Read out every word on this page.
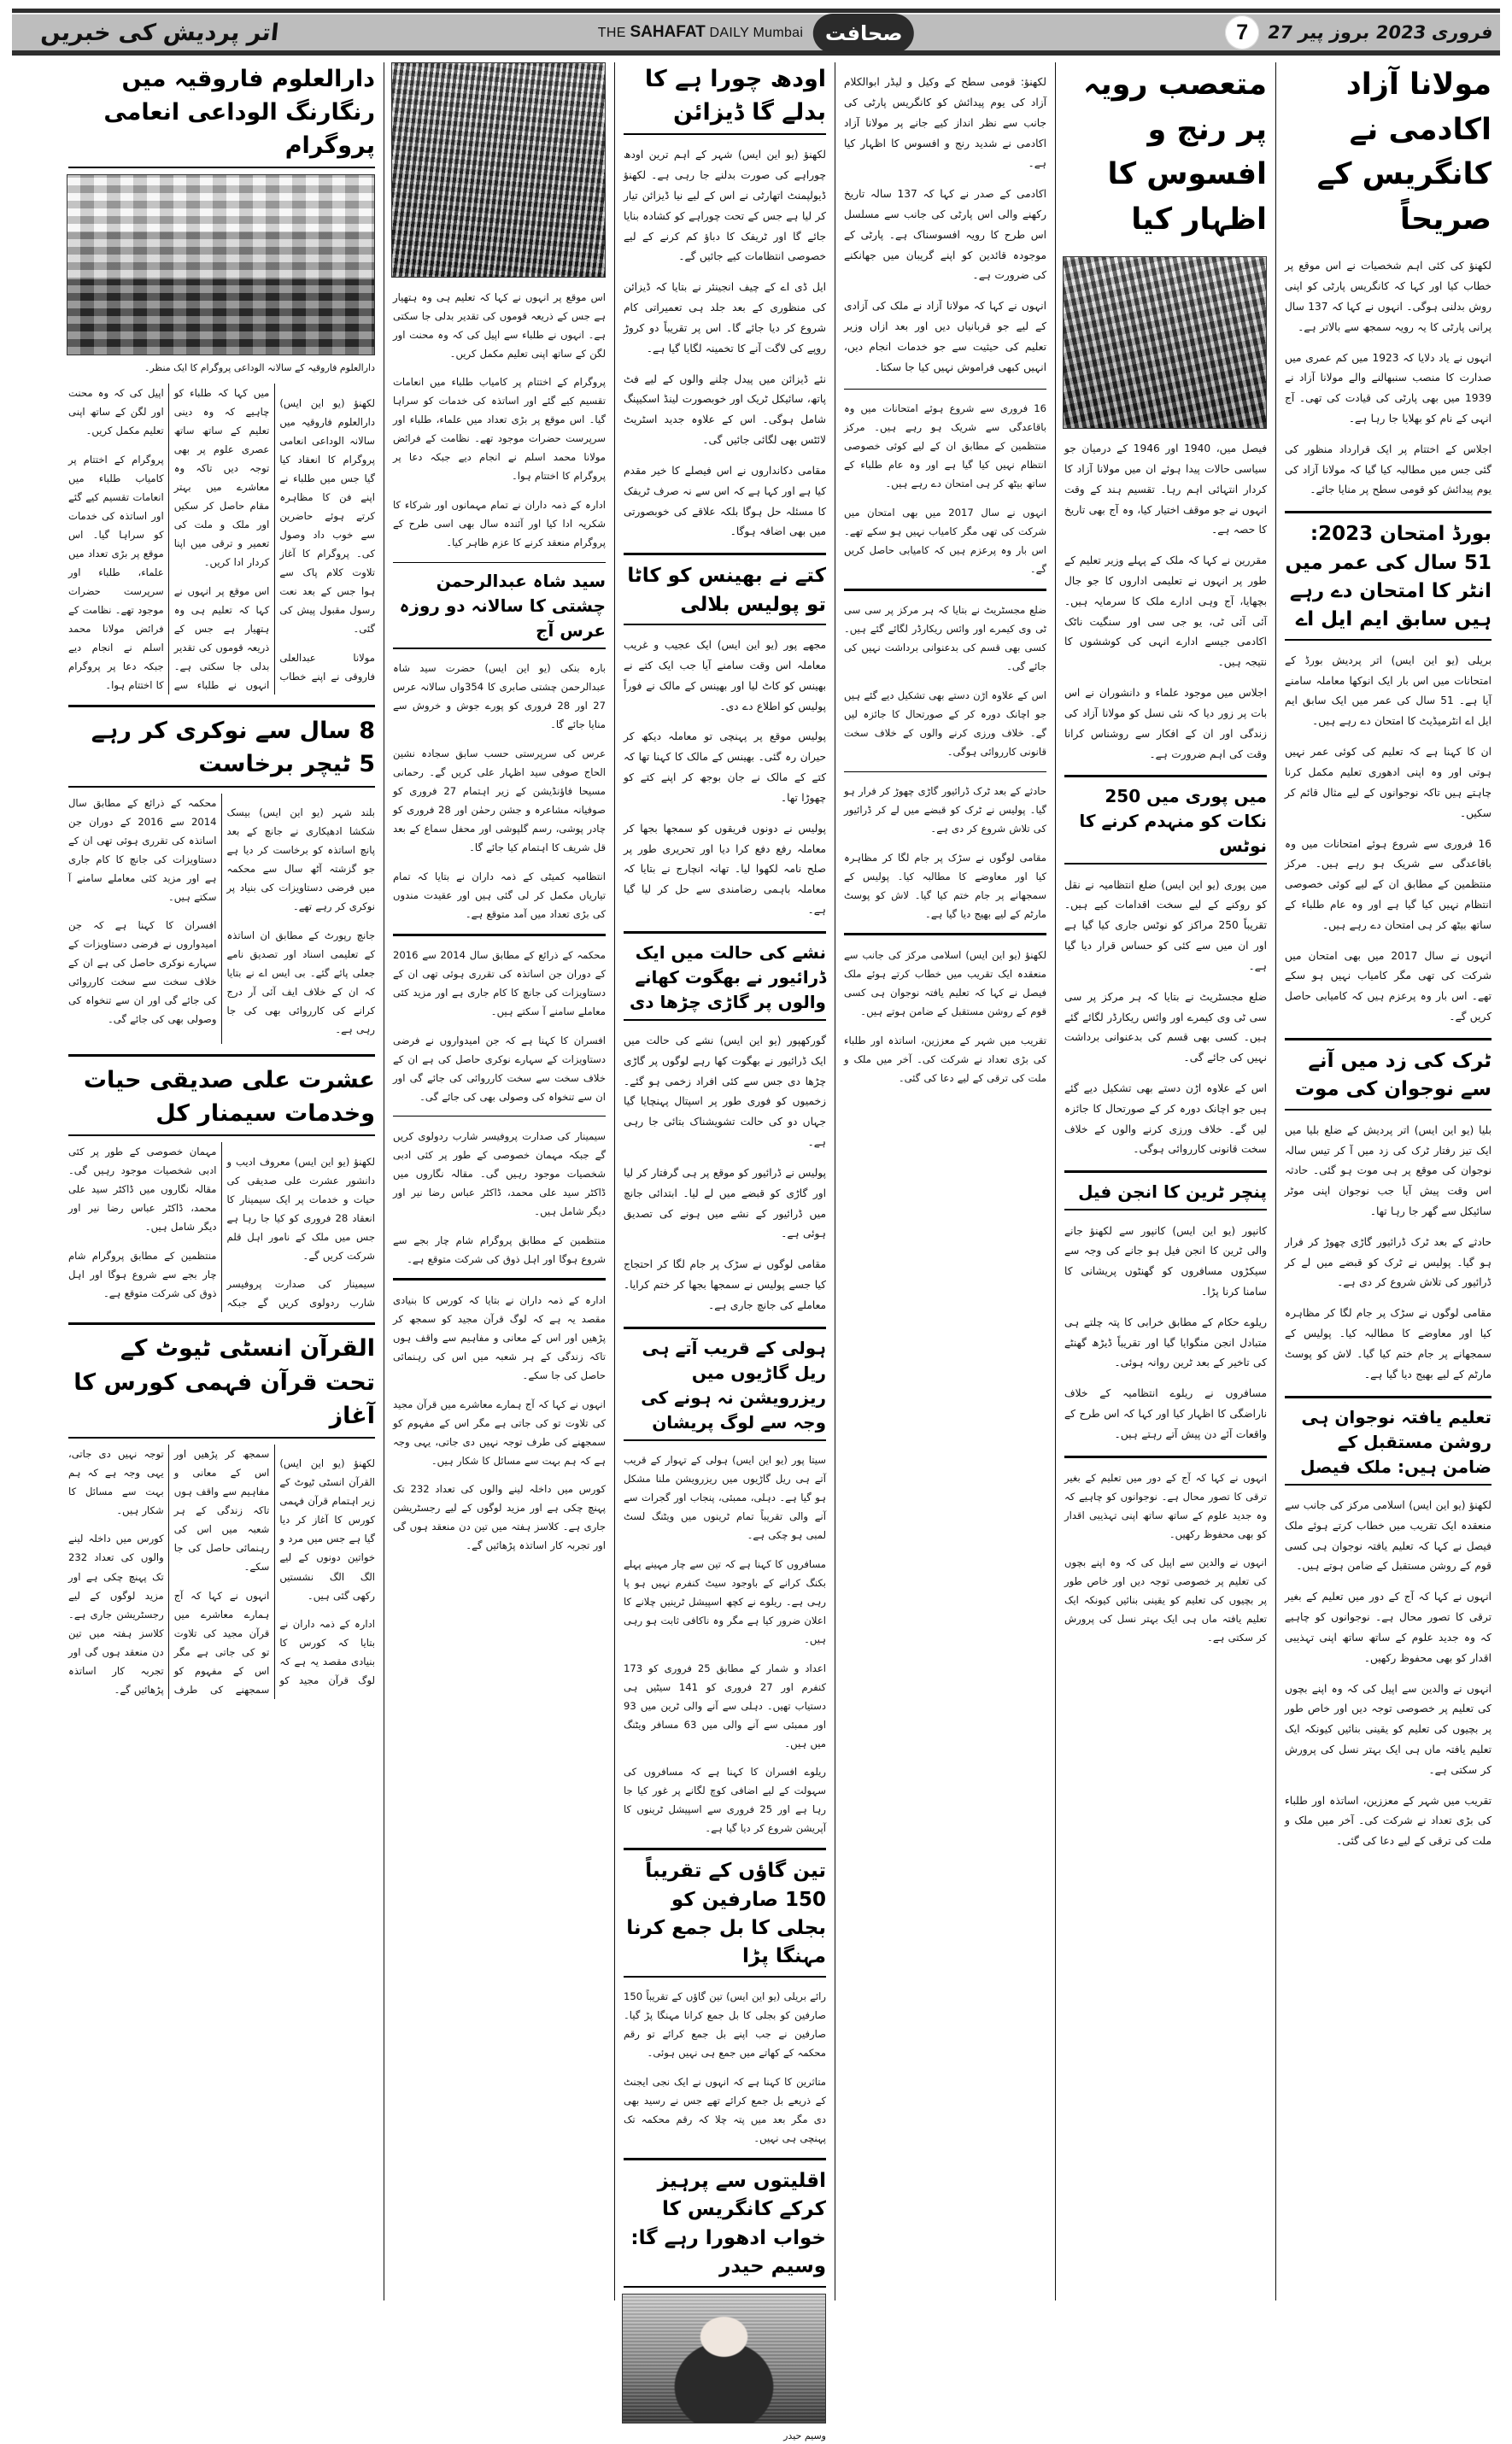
7	27 فروری 2023 بروز پیر
صحافت
THE SAHAFAT DAILY Mumbai
اتر پردیش کی خبریں
مولانا آزاد اکادمی نے کانگریس کے صریحاً

لکھنؤ کی کئی اہم شخصیات نے اس موقع پر خطاب کیا اور کہا کہ کانگریس پارٹی کو اپنی روش بدلنی ہوگی۔ انہوں نے کہا کہ 137 سال پرانی پارٹی کا یہ رویہ سمجھ سے بالاتر ہے۔

انہوں نے یاد دلایا کہ 1923 میں کم عمری میں صدارت کا منصب سنبھالنے والے مولانا آزاد نے 1939 میں بھی پارٹی کی قیادت کی تھی۔ آج انہی کے نام کو بھلایا جا رہا ہے۔

اجلاس کے اختتام پر ایک قرارداد منظور کی گئی جس میں مطالبہ کیا گیا کہ مولانا آزاد کی یوم پیدائش کو قومی سطح پر منایا جائے۔

بورڈ امتحان 2023: 51 سال کی عمر میں انٹر کا امتحان دے رہے ہیں سابق ایم ایل اے

بریلی (یو این ایس) اتر پردیش بورڈ کے امتحانات میں اس بار ایک انوکھا معاملہ سامنے آیا ہے۔ 51 سال کی عمر میں ایک سابق ایم ایل اے انٹرمیڈیٹ کا امتحان دے رہے ہیں۔

ان کا کہنا ہے کہ تعلیم کی کوئی عمر نہیں ہوتی اور وہ اپنی ادھوری تعلیم مکمل کرنا چاہتے ہیں تاکہ نوجوانوں کے لیے مثال قائم کر سکیں۔

16 فروری سے شروع ہوئے امتحانات میں وہ باقاعدگی سے شریک ہو رہے ہیں۔ مرکز منتظمین کے مطابق ان کے لیے کوئی خصوصی انتظام نہیں کیا گیا ہے اور وہ عام طلباء کے ساتھ بیٹھ کر ہی امتحان دے رہے ہیں۔

انہوں نے سال 2017 میں بھی امتحان میں شرکت کی تھی مگر کامیاب نہیں ہو سکے تھے۔ اس بار وہ پرعزم ہیں کہ کامیابی حاصل کریں گے۔

ٹرک کی زد میں آنے سے نوجوان کی موت

بلیا (یو این ایس) اتر پردیش کے ضلع بلیا میں ایک تیز رفتار ٹرک کی زد میں آ کر تیس سالہ نوجوان کی موقع پر ہی موت ہو گئی۔ حادثہ اس وقت پیش آیا جب نوجوان اپنی موٹر سائیکل سے گھر جا رہا تھا۔

حادثے کے بعد ٹرک ڈرائیور گاڑی چھوڑ کر فرار ہو گیا۔ پولیس نے ٹرک کو قبضے میں لے کر ڈرائیور کی تلاش شروع کر دی ہے۔

مقامی لوگوں نے سڑک پر جام لگا کر مظاہرہ کیا اور معاوضے کا مطالبہ کیا۔ پولیس کے سمجھانے پر جام ختم کیا گیا۔ لاش کو پوسٹ مارٹم کے لیے بھیج دیا گیا ہے۔

تعلیم یافتہ نوجوان ہی روشن مستقبل کے ضامن ہیں: ملک فیصل

لکھنؤ (یو این ایس) اسلامی مرکز کی جانب سے منعقدہ ایک تقریب میں خطاب کرتے ہوئے ملک فیصل نے کہا کہ تعلیم یافتہ نوجوان ہی کسی قوم کے روشن مستقبل کے ضامن ہوتے ہیں۔

انہوں نے کہا کہ آج کے دور میں تعلیم کے بغیر ترقی کا تصور محال ہے۔ نوجوانوں کو چاہیے کہ وہ جدید علوم کے ساتھ ساتھ اپنی تہذیبی اقدار کو بھی محفوظ رکھیں۔

انہوں نے والدین سے اپیل کی کہ وہ اپنے بچوں کی تعلیم پر خصوصی توجہ دیں اور خاص طور پر بچیوں کی تعلیم کو یقینی بنائیں کیونکہ ایک تعلیم یافتہ ماں ہی ایک بہتر نسل کی پرورش کر سکتی ہے۔

تقریب میں شہر کے معززین، اساتذہ اور طلباء کی بڑی تعداد نے شرکت کی۔ آخر میں ملک و ملت کی ترقی کے لیے دعا کی گئی۔

متعصب رویہ پر رنج و افسوس کا اظہار کیا

فیصل میں، 1940 اور 1946 کے درمیان جو سیاسی حالات پیدا ہوئے ان میں مولانا آزاد کا کردار انتہائی اہم رہا۔ تقسیم ہند کے وقت انہوں نے جو موقف اختیار کیا، وہ آج بھی تاریخ کا حصہ ہے۔

مقررین نے کہا کہ ملک کے پہلے وزیر تعلیم کے طور پر انہوں نے تعلیمی اداروں کا جو جال بچھایا، آج وہی ادارے ملک کا سرمایہ ہیں۔ آئی آئی ٹی، یو جی سی اور سنگیت ناٹک اکادمی جیسے ادارے انہی کی کوششوں کا نتیجہ ہیں۔

اجلاس میں موجود علماء و دانشوران نے اس بات پر زور دیا کہ نئی نسل کو مولانا آزاد کی زندگی اور ان کے افکار سے روشناس کرانا وقت کی اہم ضرورت ہے۔

میں پوری میں 250 نکات کو منہدم کرنے کا نوٹس

مین پوری (یو این ایس) ضلع انتظامیہ نے نقل کو روکنے کے لیے سخت اقدامات کیے ہیں۔ تقریباً 250 مراکز کو نوٹس جاری کیا گیا ہے اور ان میں سے کئی کو حساس قرار دیا گیا ہے۔

ضلع مجسٹریٹ نے بتایا کہ ہر مرکز پر سی سی ٹی وی کیمرے اور وائس ریکارڈر لگائے گئے ہیں۔ کسی بھی قسم کی بدعنوانی برداشت نہیں کی جائے گی۔

اس کے علاوہ اڑن دستے بھی تشکیل دیے گئے ہیں جو اچانک دورہ کر کے صورتحال کا جائزہ لیں گے۔ خلاف ورزی کرنے والوں کے خلاف سخت قانونی کارروائی ہوگی۔

پنچر ٹرین کا انجن فیل

کانپور (یو این ایس) کانپور سے لکھنؤ جانے والی ٹرین کا انجن فیل ہو جانے کی وجہ سے سیکڑوں مسافروں کو گھنٹوں پریشانی کا سامنا کرنا پڑا۔

ریلوے حکام کے مطابق خرابی کا پتہ چلتے ہی متبادل انجن منگوایا گیا اور تقریباً ڈیڑھ گھنٹے کی تاخیر کے بعد ٹرین روانہ ہوئی۔

مسافروں نے ریلوے انتظامیہ کے خلاف ناراضگی کا اظہار کیا اور کہا کہ اس طرح کے واقعات آئے دن پیش آتے رہتے ہیں۔

انہوں نے کہا کہ آج کے دور میں تعلیم کے بغیر ترقی کا تصور محال ہے۔ نوجوانوں کو چاہیے کہ وہ جدید علوم کے ساتھ ساتھ اپنی تہذیبی اقدار کو بھی محفوظ رکھیں۔

انہوں نے والدین سے اپیل کی کہ وہ اپنے بچوں کی تعلیم پر خصوصی توجہ دیں اور خاص طور پر بچیوں کی تعلیم کو یقینی بنائیں کیونکہ ایک تعلیم یافتہ ماں ہی ایک بہتر نسل کی پرورش کر سکتی ہے۔

لکھنؤ: قومی سطح کے وکیل و لیڈر ابوالکلام آزاد کی یوم پیدائش کو کانگریس پارٹی کی جانب سے نظر انداز کیے جانے پر مولانا آزاد اکادمی نے شدید رنج و افسوس کا اظہار کیا ہے۔

اکادمی کے صدر نے کہا کہ 137 سالہ تاریخ رکھنے والی اس پارٹی کی جانب سے مسلسل اس طرح کا رویہ افسوسناک ہے۔ پارٹی کے موجودہ قائدین کو اپنے گریبان میں جھانکنے کی ضرورت ہے۔

انہوں نے کہا کہ مولانا آزاد نے ملک کی آزادی کے لیے جو قربانیاں دیں اور بعد ازاں وزیر تعلیم کی حیثیت سے جو خدمات انجام دیں، انہیں کبھی فراموش نہیں کیا جا سکتا۔

16 فروری سے شروع ہوئے امتحانات میں وہ باقاعدگی سے شریک ہو رہے ہیں۔ مرکز منتظمین کے مطابق ان کے لیے کوئی خصوصی انتظام نہیں کیا گیا ہے اور وہ عام طلباء کے ساتھ بیٹھ کر ہی امتحان دے رہے ہیں۔

انہوں نے سال 2017 میں بھی امتحان میں شرکت کی تھی مگر کامیاب نہیں ہو سکے تھے۔ اس بار وہ پرعزم ہیں کہ کامیابی حاصل کریں گے۔

ضلع مجسٹریٹ نے بتایا کہ ہر مرکز پر سی سی ٹی وی کیمرے اور وائس ریکارڈر لگائے گئے ہیں۔ کسی بھی قسم کی بدعنوانی برداشت نہیں کی جائے گی۔

اس کے علاوہ اڑن دستے بھی تشکیل دیے گئے ہیں جو اچانک دورہ کر کے صورتحال کا جائزہ لیں گے۔ خلاف ورزی کرنے والوں کے خلاف سخت قانونی کارروائی ہوگی۔

حادثے کے بعد ٹرک ڈرائیور گاڑی چھوڑ کر فرار ہو گیا۔ پولیس نے ٹرک کو قبضے میں لے کر ڈرائیور کی تلاش شروع کر دی ہے۔

مقامی لوگوں نے سڑک پر جام لگا کر مظاہرہ کیا اور معاوضے کا مطالبہ کیا۔ پولیس کے سمجھانے پر جام ختم کیا گیا۔ لاش کو پوسٹ مارٹم کے لیے بھیج دیا گیا ہے۔

لکھنؤ (یو این ایس) اسلامی مرکز کی جانب سے منعقدہ ایک تقریب میں خطاب کرتے ہوئے ملک فیصل نے کہا کہ تعلیم یافتہ نوجوان ہی کسی قوم کے روشن مستقبل کے ضامن ہوتے ہیں۔

تقریب میں شہر کے معززین، اساتذہ اور طلباء کی بڑی تعداد نے شرکت کی۔ آخر میں ملک و ملت کی ترقی کے لیے دعا کی گئی۔

اودھ چورا ہے کا بدلے گا ڈیزائن

لکھنؤ (یو این ایس) شہر کے اہم ترین اودھ چوراہے کی صورت بدلنے جا رہی ہے۔ لکھنؤ ڈیولپمنٹ اتھارٹی نے اس کے لیے نیا ڈیزائن تیار کر لیا ہے جس کے تحت چوراہے کو کشادہ بنایا جائے گا اور ٹریفک کا دباؤ کم کرنے کے لیے خصوصی انتظامات کیے جائیں گے۔

ایل ڈی اے کے چیف انجینئر نے بتایا کہ ڈیزائن کی منظوری کے بعد جلد ہی تعمیراتی کام شروع کر دیا جائے گا۔ اس پر تقریباً دو کروڑ روپے کی لاگت آنے کا تخمینہ لگایا گیا ہے۔

نئے ڈیزائن میں پیدل چلنے والوں کے لیے فٹ پاتھ، سائیکل ٹریک اور خوبصورت لینڈ اسکیپنگ شامل ہوگی۔ اس کے علاوہ جدید اسٹریٹ لائٹس بھی لگائی جائیں گی۔

مقامی دکانداروں نے اس فیصلے کا خیر مقدم کیا ہے اور کہا ہے کہ اس سے نہ صرف ٹریفک کا مسئلہ حل ہوگا بلکہ علاقے کی خوبصورتی میں بھی اضافہ ہوگا۔

کتے نے بھینس کو کاٹا تو پولیس بلالی

مجھے پور (یو این ایس) ایک عجیب و غریب معاملہ اس وقت سامنے آیا جب ایک کتے نے بھینس کو کاٹ لیا اور بھینس کے مالک نے فوراً پولیس کو اطلاع دے دی۔

پولیس موقع پر پہنچی تو معاملہ دیکھ کر حیران رہ گئی۔ بھینس کے مالک کا کہنا تھا کہ کتے کے مالک نے جان بوجھ کر اپنے کتے کو چھوڑا تھا۔

پولیس نے دونوں فریقوں کو سمجھا بجھا کر معاملہ رفع دفع کرا دیا اور تحریری طور پر صلح نامہ لکھوا لیا۔ تھانہ انچارج نے بتایا کہ معاملہ باہمی رضامندی سے حل کر لیا گیا ہے۔

نشے کی حالت میں ایک ڈرائیور نے بھگوت کھانے والوں پر گاڑی چڑھا دی

گورکھپور (یو این ایس) نشے کی حالت میں ایک ڈرائیور نے بھگوت کھا رہے لوگوں پر گاڑی چڑھا دی جس سے کئی افراد زخمی ہو گئے۔ زخمیوں کو فوری طور پر اسپتال پہنچایا گیا جہاں دو کی حالت تشویشناک بتائی جا رہی ہے۔

پولیس نے ڈرائیور کو موقع پر ہی گرفتار کر لیا اور گاڑی کو قبضے میں لے لیا۔ ابتدائی جانچ میں ڈرائیور کے نشے میں ہونے کی تصدیق ہوئی ہے۔

مقامی لوگوں نے سڑک پر جام لگا کر احتجاج کیا جسے پولیس نے سمجھا بجھا کر ختم کرایا۔ معاملے کی جانچ جاری ہے۔

ہولی کے قریب آتے ہی ریل گاڑیوں میں ریزرویشن نہ ہونے کی وجہ سے لوگ پریشان

سیتا پور (یو این ایس) ہولی کے تہوار کے قریب آتے ہی ریل گاڑیوں میں ریزرویشن ملنا مشکل ہو گیا ہے۔ دہلی، ممبئی، پنجاب اور گجرات سے آنے والی تقریباً تمام ٹرینوں میں ویٹنگ لسٹ لمبی ہو چکی ہے۔

مسافروں کا کہنا ہے کہ تین سے چار مہینے پہلے بکنگ کرانے کے باوجود سیٹ کنفرم نہیں ہو پا رہی ہے۔ ریلوے نے کچھ اسپیشل ٹرینیں چلانے کا اعلان ضرور کیا ہے مگر وہ ناکافی ثابت ہو رہی ہیں۔

اعداد و شمار کے مطابق 25 فروری کو 173 کنفرم اور 27 فروری کو 141 سیٹیں ہی دستیاب تھیں۔ دہلی سے آنے والی ٹرین میں 93 اور ممبئی سے آنے والی میں 63 مسافر ویٹنگ میں ہیں۔

ریلوے افسران کا کہنا ہے کہ مسافروں کی سہولت کے لیے اضافی کوچ لگانے پر غور کیا جا رہا ہے اور 25 فروری سے اسپیشل ٹرینوں کا آپریشن شروع کر دیا گیا ہے۔

تین گاؤں کے تقریباً 150 صارفین کو بجلی کا بل جمع کرنا مہنگا پڑا

رائے بریلی (یو این ایس) تین گاؤں کے تقریباً 150 صارفین کو بجلی کا بل جمع کرانا مہنگا پڑ گیا۔ صارفین نے جب اپنے بل جمع کرائے تو رقم محکمہ کے کھاتے میں جمع ہی نہیں ہوئی۔

متاثرین کا کہنا ہے کہ انہوں نے ایک نجی ایجنٹ کے ذریعے بل جمع کرائے تھے جس نے رسید بھی دی مگر بعد میں پتہ چلا کہ رقم محکمہ تک پہنچی ہی نہیں۔

اقلیتوں سے پرہیز کرکے کانگریس کا خواب ادھورا رہے گا: وسیم حیدر
وسیم حیدر

اس موقع پر انہوں نے کہا کہ تعلیم ہی وہ ہتھیار ہے جس کے ذریعہ قوموں کی تقدیر بدلی جا سکتی ہے۔ انہوں نے طلباء سے اپیل کی کہ وہ محنت اور لگن کے ساتھ اپنی تعلیم مکمل کریں۔

پروگرام کے اختتام پر کامیاب طلباء میں انعامات تقسیم کیے گئے اور اساتذہ کی خدمات کو سراہا گیا۔ اس موقع پر بڑی تعداد میں علماء، طلباء اور سرپرست حضرات موجود تھے۔ نظامت کے فرائض مولانا محمد اسلم نے انجام دیے جبکہ دعا پر پروگرام کا اختتام ہوا۔

ادارہ کے ذمہ داران نے تمام مہمانوں اور شرکاء کا شکریہ ادا کیا اور آئندہ سال بھی اسی طرح کے پروگرام منعقد کرنے کا عزم ظاہر کیا۔

سید شاہ عبدالرحمن چشتی کا سالانہ دو روزہ عرس آج

بارہ بنکی (یو این ایس) حضرت سید شاہ عبدالرحمن چشتی صابری کا 354واں سالانہ عرس 27 اور 28 فروری کو پورے جوش و خروش سے منایا جائے گا۔

عرس کی سرپرستی حسب سابق سجادہ نشین الحاج صوفی سید اظہار علی کریں گے۔ رحمانی مسیحا فاؤنڈیشن کے زیر اہتمام 27 فروری کو صوفیانہ مشاعرہ و جشن رحمٰن اور 28 فروری کو چادر پوشی، رسم گلپوشی اور محفل سماع کے بعد قل شریف کا اہتمام کیا جائے گا۔

انتظامیہ کمیٹی کے ذمہ داران نے بتایا کہ تمام تیاریاں مکمل کر لی گئی ہیں اور عقیدت مندوں کی بڑی تعداد میں آمد متوقع ہے۔

محکمہ کے ذرائع کے مطابق سال 2014 سے 2016 کے دوران جن اساتذہ کی تقرری ہوئی تھی ان کے دستاویزات کی جانچ کا کام جاری ہے اور مزید کئی معاملے سامنے آ سکتے ہیں۔

افسران کا کہنا ہے کہ جن امیدواروں نے فرضی دستاویزات کے سہارے نوکری حاصل کی ہے ان کے خلاف سخت سے سخت کارروائی کی جائے گی اور ان سے تنخواہ کی وصولی بھی کی جائے گی۔

سیمینار کی صدارت پروفیسر شارب ردولوی کریں گے جبکہ مہمان خصوصی کے طور پر کئی ادبی شخصیات موجود رہیں گی۔ مقالہ نگاروں میں ڈاکٹر سید علی محمد، ڈاکٹر عباس رضا نیر اور دیگر شامل ہیں۔

منتظمین کے مطابق پروگرام شام چار بجے سے شروع ہوگا اور اہل ذوق کی شرکت متوقع ہے۔

ادارہ کے ذمہ داران نے بتایا کہ کورس کا بنیادی مقصد یہ ہے کہ لوگ قرآن مجید کو سمجھ کر پڑھیں اور اس کے معانی و مفاہیم سے واقف ہوں تاکہ زندگی کے ہر شعبہ میں اس کی رہنمائی حاصل کی جا سکے۔

انہوں نے کہا کہ آج ہمارے معاشرے میں قرآن مجید کی تلاوت تو کی جاتی ہے مگر اس کے مفہوم کو سمجھنے کی طرف توجہ نہیں دی جاتی، یہی وجہ ہے کہ ہم بہت سے مسائل کا شکار ہیں۔

کورس میں داخلہ لینے والوں کی تعداد 232 تک پہنچ چکی ہے اور مزید لوگوں کے لیے رجسٹریشن جاری ہے۔ کلاسز ہفتہ میں تین دن منعقد ہوں گی اور تجربہ کار اساتذہ پڑھائیں گے۔

دارالعلوم فاروقیہ میں رنگارنگ الوداعی انعامی پروگرام
دارالعلوم فاروقیہ کے سالانہ الوداعی پروگرام کا ایک منظر۔

لکھنؤ (یو این ایس) دارالعلوم فاروقیہ میں سالانہ الوداعی انعامی پروگرام کا انعقاد کیا گیا جس میں طلباء نے اپنے فن کا مظاہرہ کرتے ہوئے حاضرین سے خوب داد وصول کی۔ پروگرام کا آغاز تلاوت کلام پاک سے ہوا جس کے بعد نعت رسول مقبول پیش کی گئی۔

مولانا عبدالعلی فاروقی نے اپنے خطاب میں کہا کہ طلباء کو چاہیے کہ وہ دینی تعلیم کے ساتھ ساتھ عصری علوم پر بھی توجہ دیں تاکہ وہ معاشرے میں بہتر مقام حاصل کر سکیں اور ملک و ملت کی تعمیر و ترقی میں اپنا کردار ادا کریں۔

اس موقع پر انہوں نے کہا کہ تعلیم ہی وہ ہتھیار ہے جس کے ذریعہ قوموں کی تقدیر بدلی جا سکتی ہے۔ انہوں نے طلباء سے اپیل کی کہ وہ محنت اور لگن کے ساتھ اپنی تعلیم مکمل کریں۔

پروگرام کے اختتام پر کامیاب طلباء میں انعامات تقسیم کیے گئے اور اساتذہ کی خدمات کو سراہا گیا۔ اس موقع پر بڑی تعداد میں علماء، طلباء اور سرپرست حضرات موجود تھے۔ نظامت کے فرائض مولانا محمد اسلم نے انجام دیے جبکہ دعا پر پروگرام کا اختتام ہوا۔

8 سال سے نوکری کر رہے 5 ٹیچر برخاست

بلند شہر (یو این ایس) بیسک شکشا ادھیکاری نے جانچ کے بعد پانچ اساتذہ کو برخاست کر دیا ہے جو گزشتہ آٹھ سال سے محکمہ میں فرضی دستاویزات کی بنیاد پر نوکری کر رہے تھے۔

جانچ رپورٹ کے مطابق ان اساتذہ کے تعلیمی اسناد اور تصدیق نامے جعلی پائے گئے۔ بی ایس اے نے بتایا کہ ان کے خلاف ایف آئی آر درج کرانے کی کارروائی بھی کی جا رہی ہے۔

محکمہ کے ذرائع کے مطابق سال 2014 سے 2016 کے دوران جن اساتذہ کی تقرری ہوئی تھی ان کے دستاویزات کی جانچ کا کام جاری ہے اور مزید کئی معاملے سامنے آ سکتے ہیں۔

افسران کا کہنا ہے کہ جن امیدواروں نے فرضی دستاویزات کے سہارے نوکری حاصل کی ہے ان کے خلاف سخت سے سخت کارروائی کی جائے گی اور ان سے تنخواہ کی وصولی بھی کی جائے گی۔

عشرت علی صدیقی حیات وخدمات سیمنار کل

لکھنؤ (یو این ایس) معروف ادیب و دانشور عشرت علی صدیقی کی حیات و خدمات پر ایک سیمینار کا انعقاد 28 فروری کو کیا جا رہا ہے جس میں ملک کے نامور اہل قلم شرکت کریں گے۔

سیمینار کی صدارت پروفیسر شارب ردولوی کریں گے جبکہ مہمان خصوصی کے طور پر کئی ادبی شخصیات موجود رہیں گی۔ مقالہ نگاروں میں ڈاکٹر سید علی محمد، ڈاکٹر عباس رضا نیر اور دیگر شامل ہیں۔

منتظمین کے مطابق پروگرام شام چار بجے سے شروع ہوگا اور اہل ذوق کی شرکت متوقع ہے۔

القرآن انسٹی ٹیوٹ کے تحت قرآن فہمی کورس کا آغاز

لکھنؤ (یو این ایس) القرآن انسٹی ٹیوٹ کے زیر اہتمام قرآن فہمی کورس کا آغاز کر دیا گیا ہے جس میں مرد و خواتین دونوں کے لیے الگ الگ نشستیں رکھی گئی ہیں۔

ادارہ کے ذمہ داران نے بتایا کہ کورس کا بنیادی مقصد یہ ہے کہ لوگ قرآن مجید کو سمجھ کر پڑھیں اور اس کے معانی و مفاہیم سے واقف ہوں تاکہ زندگی کے ہر شعبہ میں اس کی رہنمائی حاصل کی جا سکے۔

انہوں نے کہا کہ آج ہمارے معاشرے میں قرآن مجید کی تلاوت تو کی جاتی ہے مگر اس کے مفہوم کو سمجھنے کی طرف توجہ نہیں دی جاتی، یہی وجہ ہے کہ ہم بہت سے مسائل کا شکار ہیں۔

کورس میں داخلہ لینے والوں کی تعداد 232 تک پہنچ چکی ہے اور مزید لوگوں کے لیے رجسٹریشن جاری ہے۔ کلاسز ہفتہ میں تین دن منعقد ہوں گی اور تجربہ کار اساتذہ پڑھائیں گے۔
